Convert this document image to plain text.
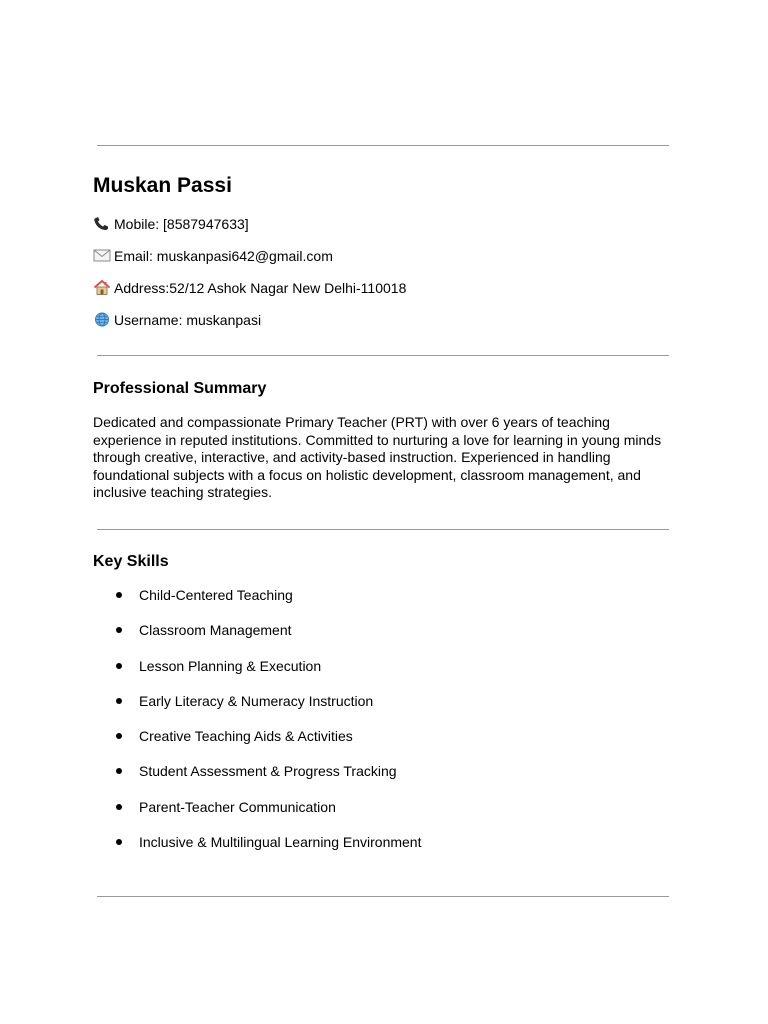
Muskan Passi
Mobile: [8587947633]
Email: muskanpasi642@gmail.com
Address:52/12 Ashok Nagar New Delhi-110018
Username: muskanpasi
Professional Summary

Dedicated and compassionate Primary Teacher (PRT) with over 6 years of teaching experience in reputed institutions. Committed to nurturing a love for learning in young minds through creative, interactive, and activity-based instruction. Experienced in handling foundational subjects with a focus on holistic development, classroom management, and inclusive teaching strategies.

Key Skills
Child-Centered Teaching
Classroom Management
Lesson Planning & Execution
Early Literacy & Numeracy Instruction
Creative Teaching Aids & Activities
Student Assessment & Progress Tracking
Parent-Teacher Communication
Inclusive & Multilingual Learning Environment
